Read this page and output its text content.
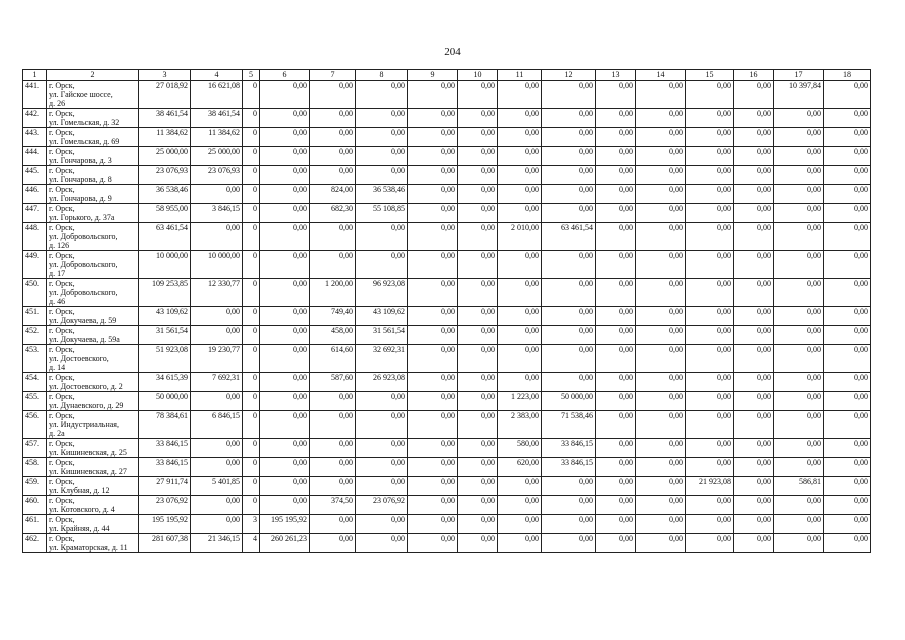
204
1	2	3	4	5	6	7	8	9	10	11	12	13	14	15	16	17	18
441.	г. Орск,
ул. Гайское шоссе,
д. 26	27 018,92	16 621,08	0	0,00	0,00	0,00	0,00	0,00	0,00	0,00	0,00	0,00	0,00	0,00	10 397,84	0,00
442.	г. Орск,
ул. Гомельская, д. 32	38 461,54	38 461,54	0	0,00	0,00	0,00	0,00	0,00	0,00	0,00	0,00	0,00	0,00	0,00	0,00	0,00
443.	г. Орск,
ул. Гомельская, д. 69	11 384,62	11 384,62	0	0,00	0,00	0,00	0,00	0,00	0,00	0,00	0,00	0,00	0,00	0,00	0,00	0,00
444.	г. Орск,
ул. Гончарова, д. 3	25 000,00	25 000,00	0	0,00	0,00	0,00	0,00	0,00	0,00	0,00	0,00	0,00	0,00	0,00	0,00	0,00
445.	г. Орск,
ул. Гончарова, д. 8	23 076,93	23 076,93	0	0,00	0,00	0,00	0,00	0,00	0,00	0,00	0,00	0,00	0,00	0,00	0,00	0,00
446.	г. Орск,
ул. Гончарова, д. 9	36 538,46	0,00	0	0,00	824,00	36 538,46	0,00	0,00	0,00	0,00	0,00	0,00	0,00	0,00	0,00	0,00
447.	г. Орск,
ул. Горького, д. 37а	58 955,00	3 846,15	0	0,00	682,30	55 108,85	0,00	0,00	0,00	0,00	0,00	0,00	0,00	0,00	0,00	0,00
448.	г. Орск,
ул. Добровольского,
д. 126	63 461,54	0,00	0	0,00	0,00	0,00	0,00	0,00	2 010,00	63 461,54	0,00	0,00	0,00	0,00	0,00	0,00
449.	г. Орск,
ул. Добровольского,
д. 17	10 000,00	10 000,00	0	0,00	0,00	0,00	0,00	0,00	0,00	0,00	0,00	0,00	0,00	0,00	0,00	0,00
450.	г. Орск,
ул. Добровольского,
д. 46	109 253,85	12 330,77	0	0,00	1 200,00	96 923,08	0,00	0,00	0,00	0,00	0,00	0,00	0,00	0,00	0,00	0,00
451.	г. Орск,
ул. Докучаева, д. 59	43 109,62	0,00	0	0,00	749,40	43 109,62	0,00	0,00	0,00	0,00	0,00	0,00	0,00	0,00	0,00	0,00
452.	г. Орск,
ул. Докучаева, д. 59а	31 561,54	0,00	0	0,00	458,00	31 561,54	0,00	0,00	0,00	0,00	0,00	0,00	0,00	0,00	0,00	0,00
453.	г. Орск,
ул. Достоевского,
д. 14	51 923,08	19 230,77	0	0,00	614,60	32 692,31	0,00	0,00	0,00	0,00	0,00	0,00	0,00	0,00	0,00	0,00
454.	г. Орск,
ул. Достоевского, д. 2	34 615,39	7 692,31	0	0,00	587,60	26 923,08	0,00	0,00	0,00	0,00	0,00	0,00	0,00	0,00	0,00	0,00
455.	г. Орск,
ул. Дунаевского, д. 29	50 000,00	0,00	0	0,00	0,00	0,00	0,00	0,00	1 223,00	50 000,00	0,00	0,00	0,00	0,00	0,00	0,00
456.	г. Орск,
ул. Индустриальная,
д. 2а	78 384,61	6 846,15	0	0,00	0,00	0,00	0,00	0,00	2 383,00	71 538,46	0,00	0,00	0,00	0,00	0,00	0,00
457.	г. Орск,
ул. Кишиневская, д. 25	33 846,15	0,00	0	0,00	0,00	0,00	0,00	0,00	580,00	33 846,15	0,00	0,00	0,00	0,00	0,00	0,00
458.	г. Орск,
ул. Кишиневская, д. 27	33 846,15	0,00	0	0,00	0,00	0,00	0,00	0,00	620,00	33 846,15	0,00	0,00	0,00	0,00	0,00	0,00
459.	г. Орск,
ул. Клубная, д. 12	27 911,74	5 401,85	0	0,00	0,00	0,00	0,00	0,00	0,00	0,00	0,00	0,00	21 923,08	0,00	586,81	0,00
460.	г. Орск,
ул. Котовского, д. 4	23 076,92	0,00	0	0,00	374,50	23 076,92	0,00	0,00	0,00	0,00	0,00	0,00	0,00	0,00	0,00	0,00
461.	г. Орск,
ул. Крайняя, д. 44	195 195,92	0,00	3	195 195,92	0,00	0,00	0,00	0,00	0,00	0,00	0,00	0,00	0,00	0,00	0,00	0,00
462.	г. Орск,
ул. Краматорская, д. 11	281 607,38	21 346,15	4	260 261,23	0,00	0,00	0,00	0,00	0,00	0,00	0,00	0,00	0,00	0,00	0,00	0,00
